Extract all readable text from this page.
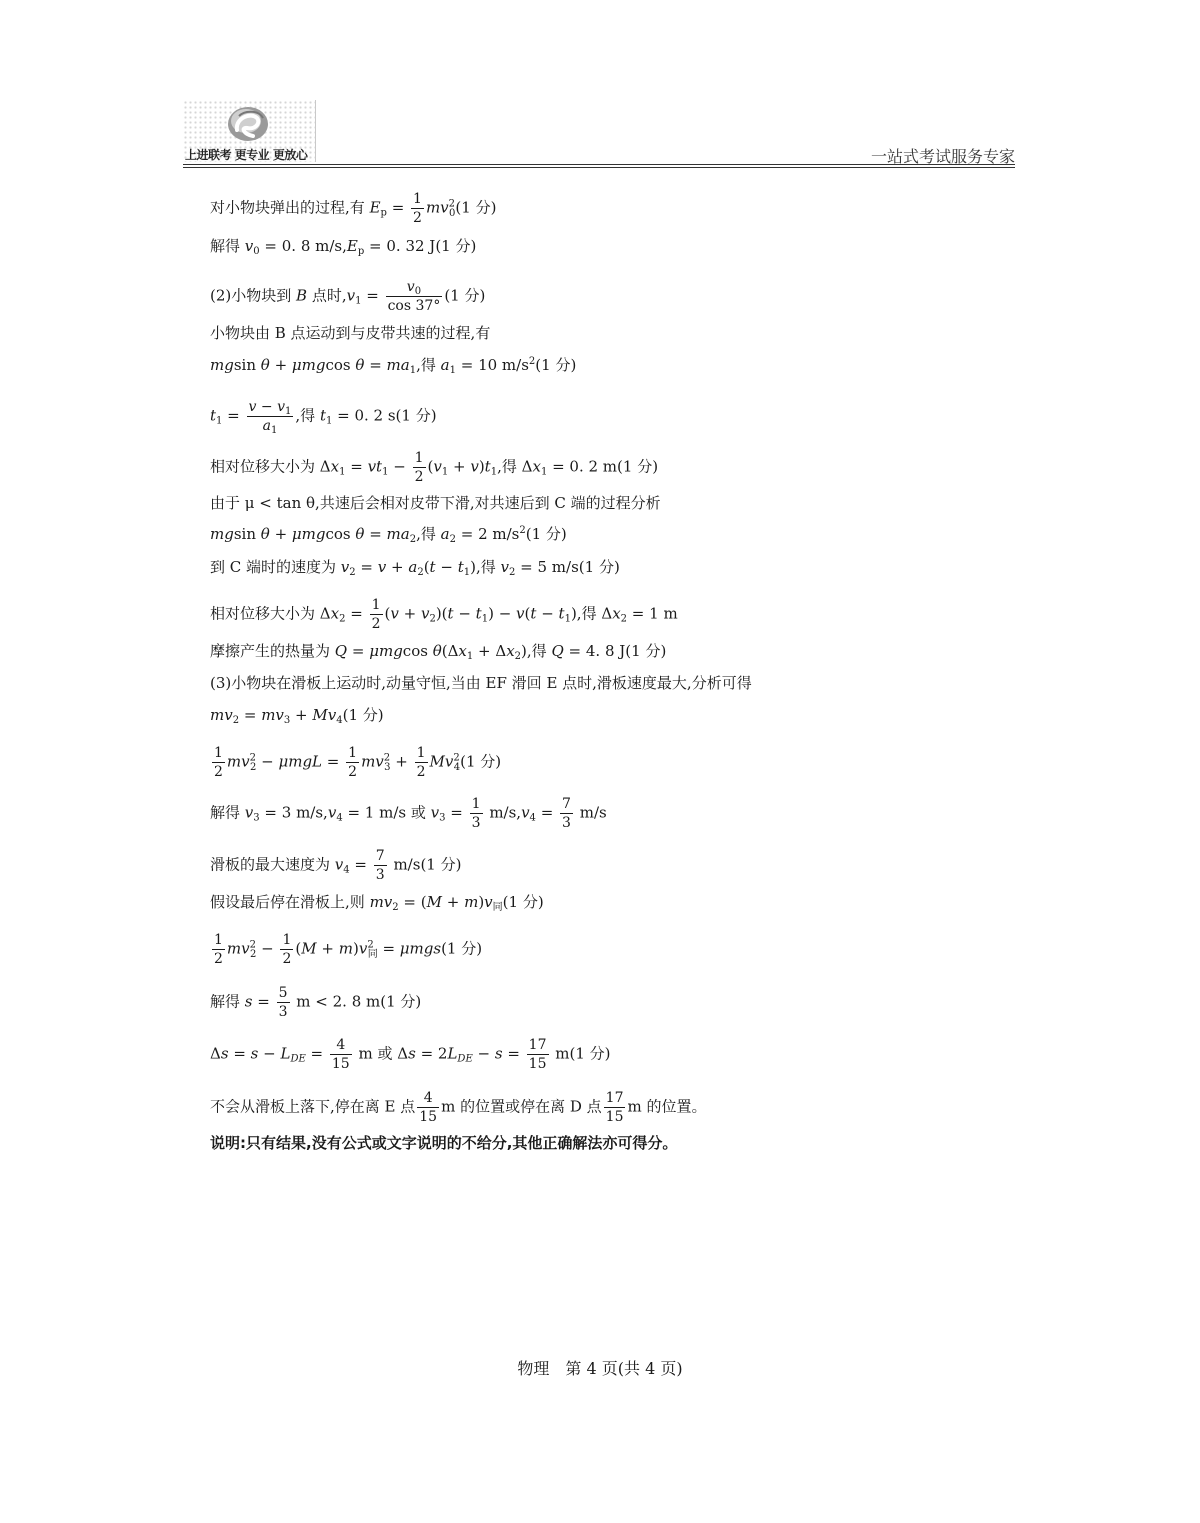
上进联考 更专业 更放心	一站式考试服务专家
对小物块弹出的过程,有 $E_p = \frac{1}{2} mv^2_0(1$ 分)
解得 $v_0 = 0$. 8 $m/s,E_p = 0$. 32 J(1 分)
(2)小物块到 B 点时$,v_1 = \frac{v_0}{\cos 37^\circ} (1$ 分)
小物块由 B 点运动到与皮带共速的过程,有
mgsin θ + μmgcos $\theta = ma_1$,得 $a_1 = 10$ $m/s^2(1$ 分)
$t_1 = \frac{v - v_1}{a_1}$ ,得 $t_1 = 0$. 2 s(1 分)
相对位移大小为 $\Delta x_1 = vt_1 - \frac{1}{2} (v_1 + v)t_1$,得 $\Delta x_1 = 0$. 2 m(1 分)
由于 μ < tan θ,共速后会相对皮带下滑,对共速后到 C 端的过程分析
mgsin θ + μmgcos $\theta = ma_2$,得 $a_2 = 2$ $m/s^2(1$ 分)
到 C 端时的速度为 $v_2 = v + a_2(t - t_1)$,得 $v_2 = 5$ m/s(1 分)
相对位移大小为 $\Delta x_2 = \frac{1}{2} (v + v_2)(t - t_1) - v(t - t_1)$,得 $\Delta x_2 = 1$ m
摩擦产生的热量为 Q = μmgcos $\theta(\Delta x_1 + \Delta x_2)$,得 Q = 4. 8 J(1 分)
(3)小物块在滑板上运动时,动量守恒,当由 EF 滑回 E 点时,滑板速度最大,分析可得
$mv_2 = mv_3 + Mv_4(1$ 分)
$\frac{1}{2} mv^2_2 - \mu mgL = \frac{1}{2} mv^2_3 + \frac{1}{2} Mv^2_4(1$ 分)
解得 $v_3 = 3$ $m/s,v_4 = 1$ m/s 或 $v_3 = \frac{1}{3} m/s,v_4 = \frac{7}{3} m/s$
滑板的最大速度为 $v_4 = \frac{7}{3} m/s(1$ 分)
假设最后停在滑板上,则 $mv_2 = (M + m)v_同(1$ 分)
$\frac{1}{2} mv^2_2 - \frac{1}{2} (M + m)v^2_同 = \mu mgs(1$ 分)
解得 $s = \frac{5}{3}$ m < 2. 8 m(1 分)
$\Delta s = s - L_{DE} = \frac{4}{15}$ m 或 $\Delta s = 2L_{DE} - s = \frac{17}{15} m(1$ 分)
不会从滑板上落下,停在离 E 点 $\frac{4}{15}$ m 的位置或停在离 D 点 $\frac{17}{15}$ m 的位置。
说明:只有结果,没有公式或文字说明的不给分,其他正确解法亦可得分。
物理　第 4 页(共 4 页)
